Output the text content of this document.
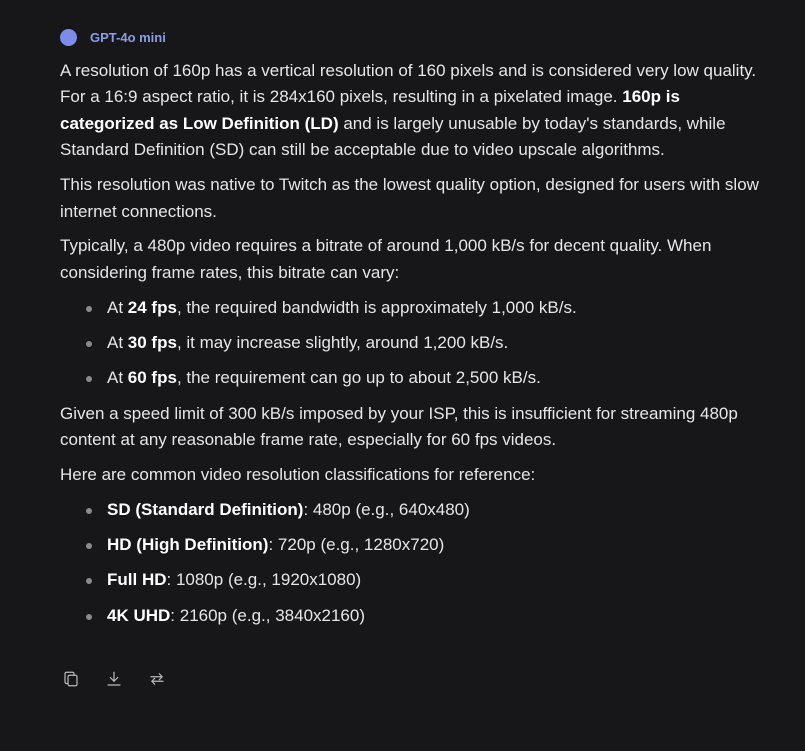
GPT-4o mini

A resolution of 160p has a vertical resolution of 160 pixels and is considered very low quality. For a 16:9 aspect ratio, it is 284x160 pixels, resulting in a pixelated image. 160p is categorized as Low Definition (LD) and is largely unusable by today's standards, while Standard Definition (SD) can still be acceptable due to video upscale algorithms.

This resolution was native to Twitch as the lowest quality option, designed for users with slow internet connections.

Typically, a 480p video requires a bitrate of around 1,000 kB/s for decent quality. When considering frame rates, this bitrate can vary:

At 24 fps, the required bandwidth is approximately 1,000 kB/s.
At 30 fps, it may increase slightly, around 1,200 kB/s.
At 60 fps, the requirement can go up to about 2,500 kB/s.

Given a speed limit of 300 kB/s imposed by your ISP, this is insufficient for streaming 480p content at any reasonable frame rate, especially for 60 fps videos.

Here are common video resolution classifications for reference:

SD (Standard Definition): 480p (e.g., 640x480)
HD (High Definition): 720p (e.g., 1280x720)
Full HD: 1080p (e.g., 1920x1080)
4K UHD: 2160p (e.g., 3840x2160)
